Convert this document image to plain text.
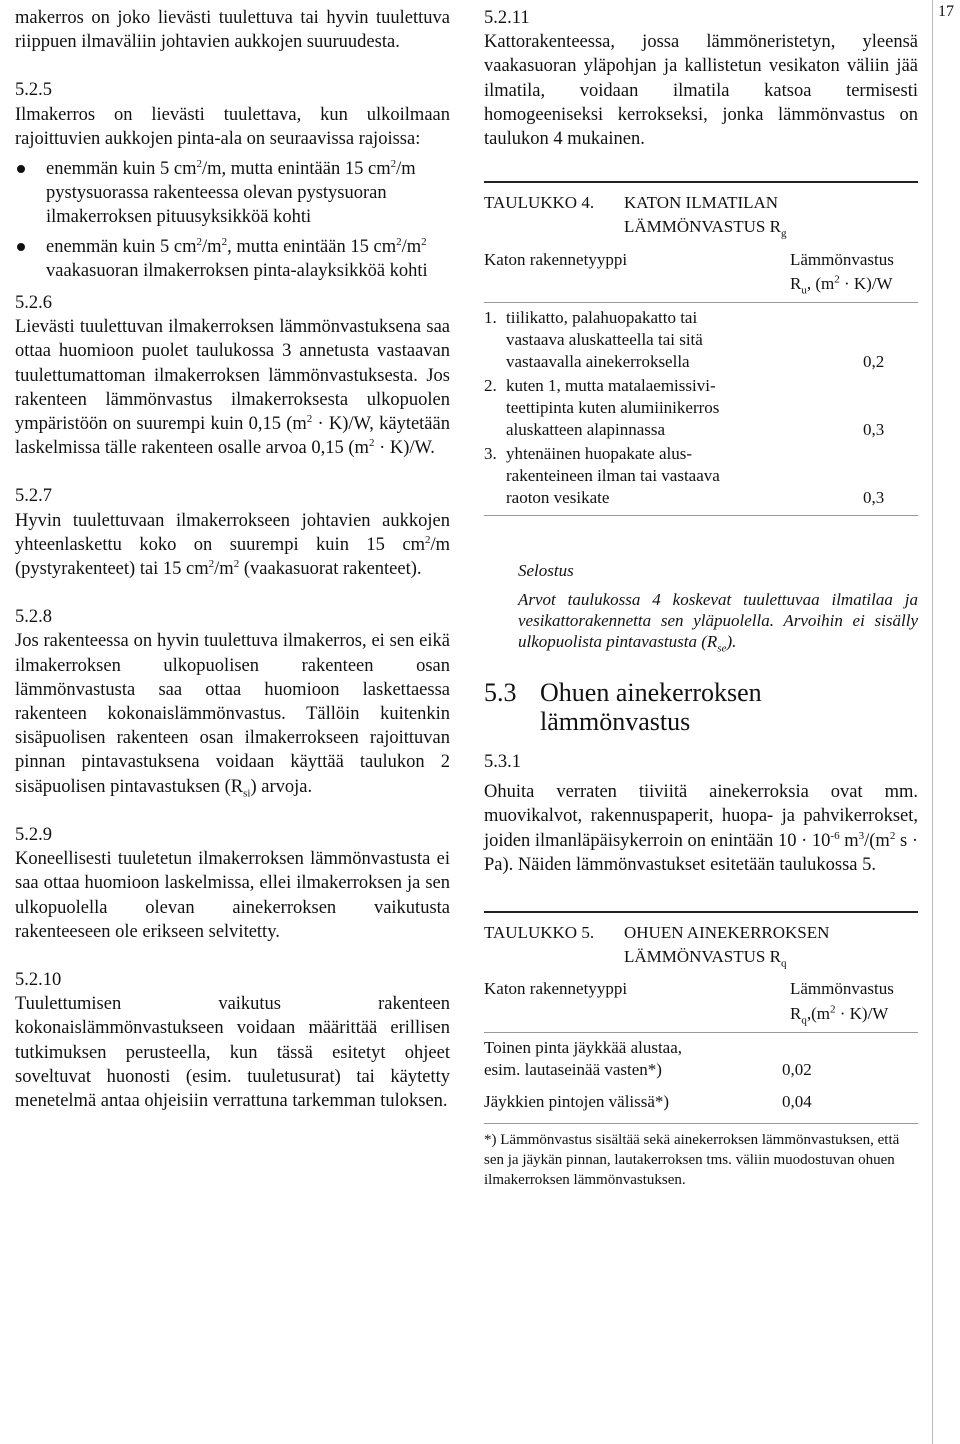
17

makerros on joko lievästi tuulettuva tai hyvin tuulettuva riippuen ilmaväliin johtavien aukkojen suuruudesta.

5.2.5

Ilmakerros on lievästi tuulettava, kun ulkoilmaan rajoittuvien aukkojen pinta-ala on seuraavissa rajoissa:

enemmän kuin 5 $cm^2/m$, mutta enintään 15 $cm^2/m$ pystysuorassa rakenteessa olevan pystysuoran ilmakerroksen pituusyksikköä kohti
enemmän kuin 5 $cm^2/m^2$, mutta enintään 15 $cm^2/m^2$ vaakasuoran ilmakerroksen pinta-alayksikköä kohti

5.2.6

Lievästi tuulettuvan ilmakerroksen lämmönvastuksena saa ottaa huomioon puolet taulukossa 3 annetusta vastaavan tuulettumattoman ilmakerroksen lämmönvastuksesta. Jos rakenteen lämmönvastus ilmakerroksesta ulkopuolen ympäristöön on suurempi kuin 0,15 $(m^2 \cdot K)/W$, käytetään laskelmissa tälle rakenteen osalle arvoa 0,15 $(m^2 \cdot K)/W$.

5.2.7

Hyvin tuulettuvaan ilmakerrokseen johtavien aukkojen yhteenlaskettu koko on suurempi kuin 15 $cm^2/m$ (pystyrakenteet) tai 15 $cm^2/m^2$ (vaakasuorat rakenteet).

5.2.8

Jos rakenteessa on hyvin tuulettuva ilmakerros, ei sen eikä ilmakerroksen ulkopuolisen rakenteen osan lämmönvastusta saa ottaa huomioon laskettaessa rakenteen kokonaislämmönvastus. Tällöin kuitenkin sisäpuolisen rakenteen osan ilmakerrokseen rajoittuvan pinnan pintavastuksena voidaan käyttää taulukon 2 sisäpuolisen pintavastuksen $(R_{si})$ arvoja.

5.2.9

Koneellisesti tuuletetun ilmakerroksen lämmönvastusta ei saa ottaa huomioon laskelmissa, ellei ilmakerroksen ja sen ulkopuolella olevan ainekerroksen vaikutusta rakenteeseen ole erikseen selvitetty.

5.2.10

Tuulettumisen vaikutus rakenteen kokonaislämmönvastukseen voidaan määrittää erillisen tutkimuksen perusteella, kun tässä esitetyt ohjeet soveltuvat huonosti (esim. tuuletusurat) tai käytetty menetelmä antaa ohjeisiin verrattuna tarkemman tuloksen.

5.2.11

Kattorakenteessa, jossa lämmöneristetyn, yleensä vaakasuoran yläpohjan ja kallistetun vesikaton väliin jää ilmatila, voidaan ilmatila katsoa termisesti homogeeniseksi kerrokseksi, jonka lämmönvastus on taulukon 4 mukainen.

TAULUKKO 4.	KATON ILMATILAN
LÄMMÖNVASTUS $R_g$
Katon rakennetyyppi	Lämmönvastus
$R_u$, $(m^2 \cdot K)/W$
1. tiilikatto, palahuopakatto tai
vastaava aluskatteella tai sitä
vastaavalla ainekerroksella	0,2
2. kuten 1, mutta matalaemissivi-
teettipinta kuten alumiinikerros
aluskatteen alapinnassa	0,3
3. yhtenäinen huopakate alus-
rakenteineen ilman tai vastaava
raoton vesikate	0,3
Selostus
Arvot taulukossa 4 koskevat tuulettuvaa ilmatilaa ja vesikattorakennetta sen yläpuolella. Arvoihin ei sisälly ulkopuolista pintavastusta $(R_{se})$.
5.3 Ohuen ainekerroksen
lämmönvastus

5.3.1

Ohuita verraten tiiviitä ainekerroksia ovat mm. muovikalvot, rakennuspaperit, huopa- ja pahvikerrokset, joiden ilmanläpäisykerroin on enintään $10 \cdot 10^{-6}$ $m^3/(m^2$ s · Pa). Näiden lämmönvastukset esitetään taulukossa 5.

TAULUKKO 5.	OHUEN AINEKERROKSEN
LÄMMÖNVASTUS $R_q$
Katon rakennetyyppi	Lämmönvastus
$R_q,(m^2 \cdot K)/W$
Toinen pinta jäykkää alustaa,
esim. lautaseinää vasten*)	0,02
Jäykkien pintojen välissä*)	0,04
*) Lämmönvastus sisältää sekä ainekerroksen lämmönvastuksen, että sen ja jäykän pinnan, lautakerroksen tms. väliin muodostuvan ohuen ilmakerroksen lämmönvastuksen.
